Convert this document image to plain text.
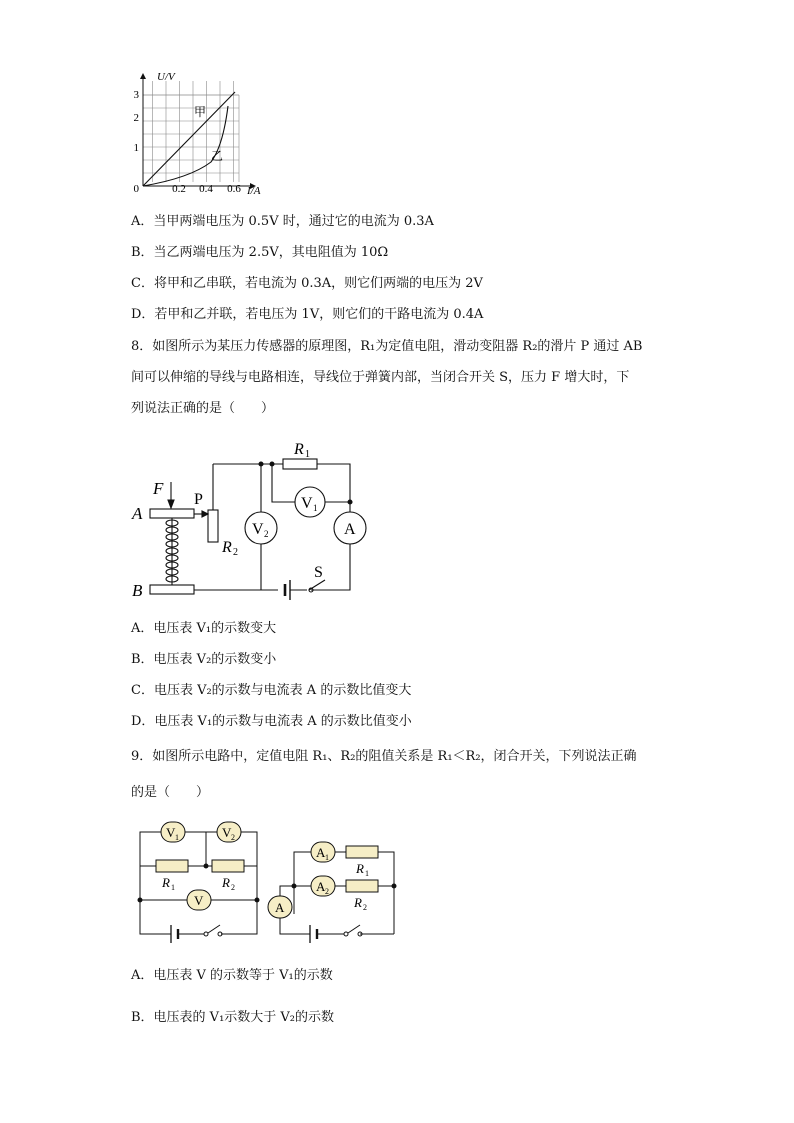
U/V
3
2
1
0	0.2 0.4 0.6 I/A
甲
乙
A．当甲两端电压为 0.5V 时，通过它的电流为 0.3A
B．当乙两端电压为 2.5V，其电阻值为 10Ω
C．将甲和乙串联，若电流为 0.3A，则它们两端的电压为 2V
D．若甲和乙并联，若电压为 1V，则它们的干路电流为 0.4A
8．如图所示为某压力传感器的原理图，R₁为定值电阻，滑动变阻器 R₂的滑片 P 通过 AB
间可以伸缩的导线与电路相连，导线位于弹簧内部，当闭合开关 S，压力 F 增大时，下
列说法正确的是（　　）
R 1
F
P
A
B
R 2
V 1
V 2	A
S
A．电压表 V₁的示数变大
B．电压表 V₂的示数变小
C．电压表 V₂的示数与电流表 A 的示数比值变大
D．电压表 V₁的示数与电流表 A 的示数比值变小
9．如图所示电路中，定值电阻 R₁、R₂的阻值关系是 R₁＜R₂，闭合开关，下列说法正确
的是（　　）
V 1	V 2
V
R 1	R 2
A 1
A 2
A
R 1
R 2
A．电压表 V 的示数等于 V₁的示数
B．电压表的 V₁示数大于 V₂的示数
